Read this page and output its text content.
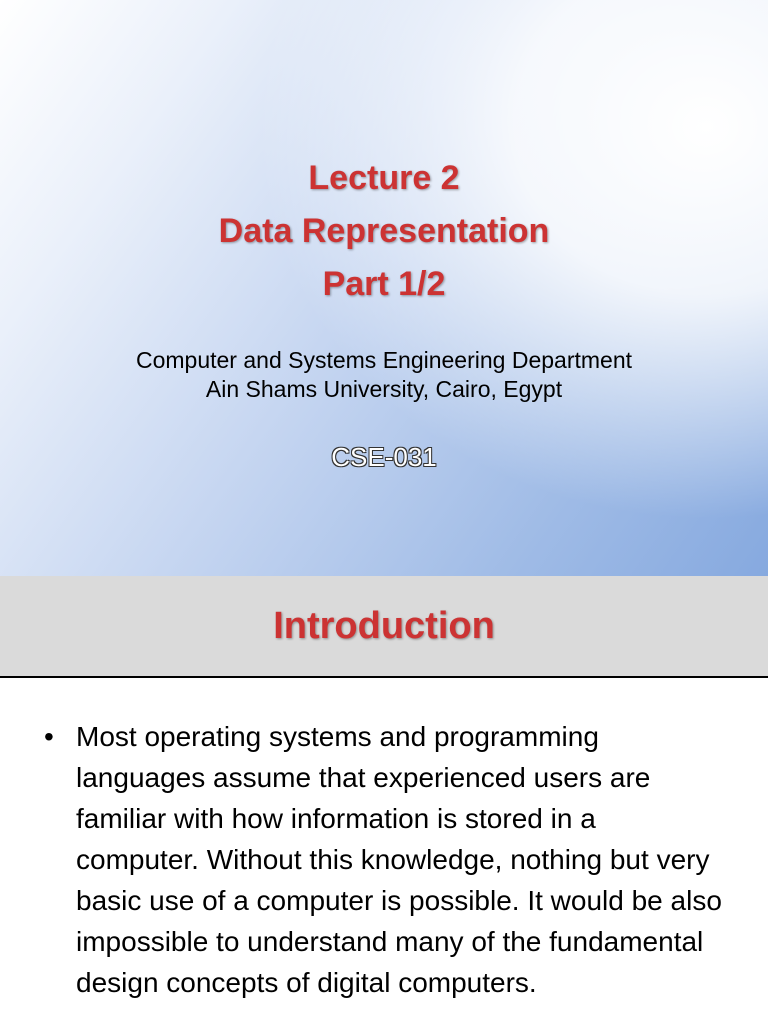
Lecture 2
Data Representation
Part 1/2
Computer and Systems Engineering Department
Ain Shams University, Cairo, Egypt
CSE-031
Introduction
• Most operating systems and programming languages assume that experienced users are familiar with how information is stored in a computer. Without this knowledge, nothing but very basic use of a computer is possible. It would be also impossible to understand many of the fundamental design concepts of digital computers.
